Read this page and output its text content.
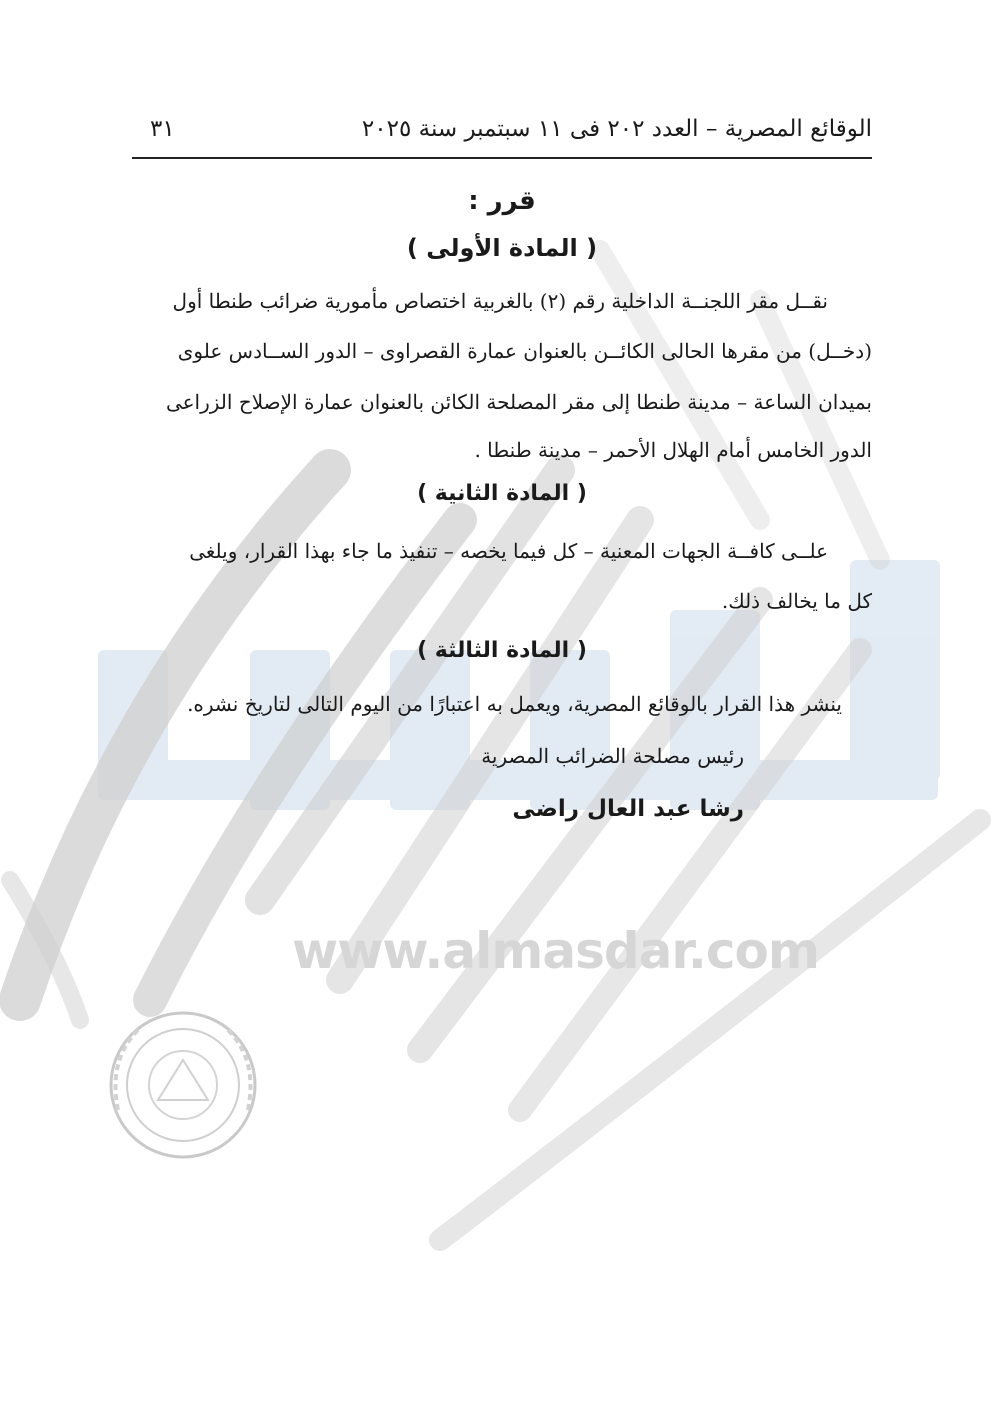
www.almasdar.com
الوقائع المصرية – العدد ٢٠٢ فى ١١ سبتمبر سنة ٢٠٢٥
٣١
قرر :
( المادة الأولى )
نقــل مقر اللجنــة الداخلية رقم (٢) بالغربية اختصاص مأمورية ضرائب طنطا أول
(دخــل) من مقرها الحالى الكائــن بالعنوان عمارة القصراوى – الدور الســادس علوى
بميدان الساعة – مدينة طنطا إلى مقر المصلحة الكائن بالعنوان عمارة الإصلاح الزراعى
الدور الخامس أمام الهلال الأحمر – مدينة طنطا .
( المادة الثانية )
علــى كافــة الجهات المعنية – كل فيما يخصه – تنفيذ ما جاء بهذا القرار، ويلغى
كل ما يخالف ذلك.
( المادة الثالثة )
ينشر هذا القرار بالوقائع المصرية، ويعمل به اعتبارًا من اليوم التالى لتاريخ نشره.
رئيس مصلحة الضرائب المصرية
رشا عبد العال راضى
